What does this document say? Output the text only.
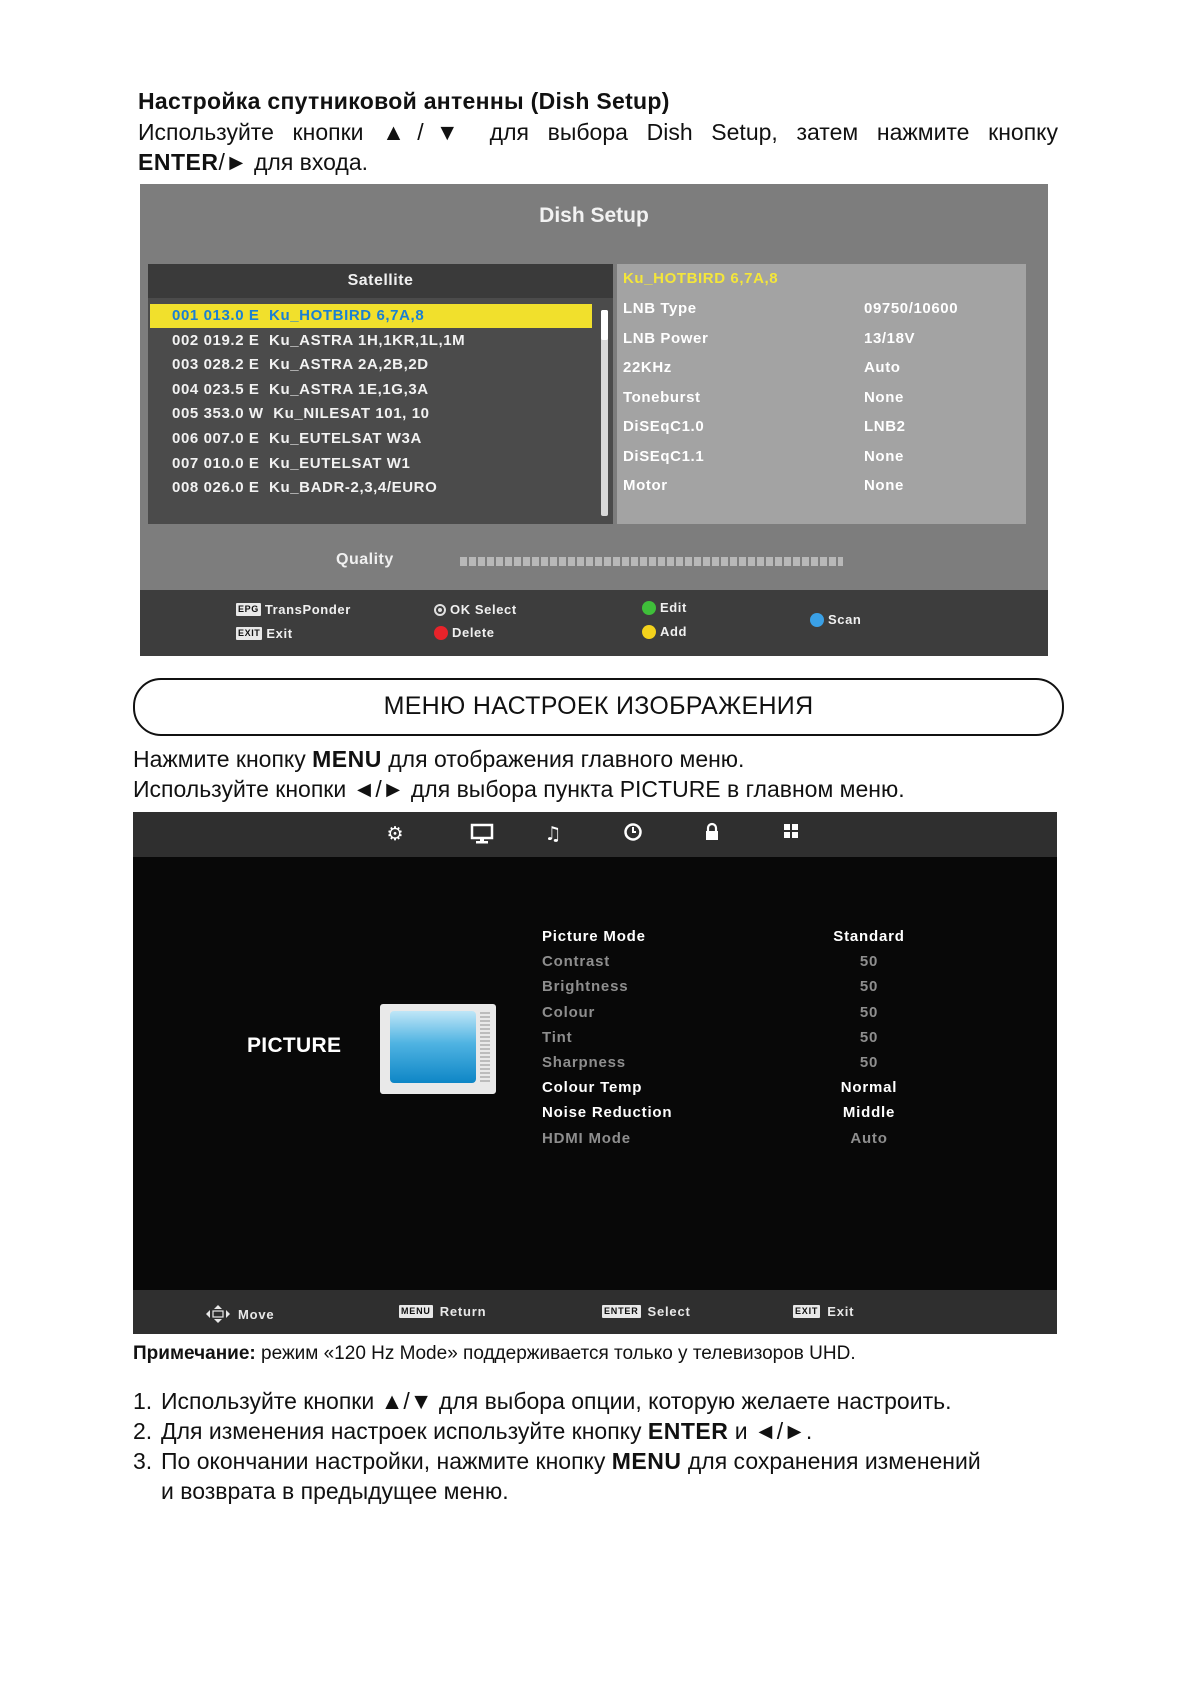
Настройка спутниковой антенны (Dish Setup)
Используйте кнопки ▲/▼ для выбора Dish Setup, затем нажмите кнопку
ENTER/► для входа.
Dish Setup
Satellite
001 013.0 E  Ku_HOTBIRD 6,7A,8
002 019.2 E  Ku_ASTRA 1H,1KR,1L,1M
003 028.2 E  Ku_ASTRA 2A,2B,2D
004 023.5 E  Ku_ASTRA 1E,1G,3A
005 353.0 W  Ku_NILESAT 101, 10
006 007.0 E  Ku_EUTELSAT W3A
007 010.0 E  Ku_EUTELSAT W1
008 026.0 E  Ku_BADR-2,3,4/EURO
Ku_HOTBIRD 6,7A,8
LNB Type	09750/10600
LNB Power	13/18V
22KHz	Auto
Toneburst	None
DiSEqC1.0	LNB2
DiSEqC1.1	None
Motor	None
Quality
EPG TransPonder
EXIT Exit
OK Select
Delete
Edit
Add
Scan
МЕНЮ НАСТРОЕК ИЗОБРАЖЕНИЯ
Нажмите кнопку MENU для отображения главного меню.
Используйте кнопки ◄/► для выбора пункта PICTURE в главном меню.
⚙	♫
PICTURE
Picture Mode	Standard
Contrast	50
Brightness	50
Colour	50
Tint	50
Sharpness	50
Colour Temp	Normal
Noise Reduction	Middle
HDMI Mode	Auto
Move	MENU Return	ENTER Select	EXIT Exit
Примечание: режим «120 Hz Mode» поддерживается только у телевизоров UHD.
1. Используйте кнопки ▲/▼ для выбора опции, которую желаете настроить.
2. Для изменения настроек используйте кнопку ENTER и ◄/►.
3. По окончании настройки, нажмите кнопку MENU для сохранения изменений
и возврата в предыдущее меню.
